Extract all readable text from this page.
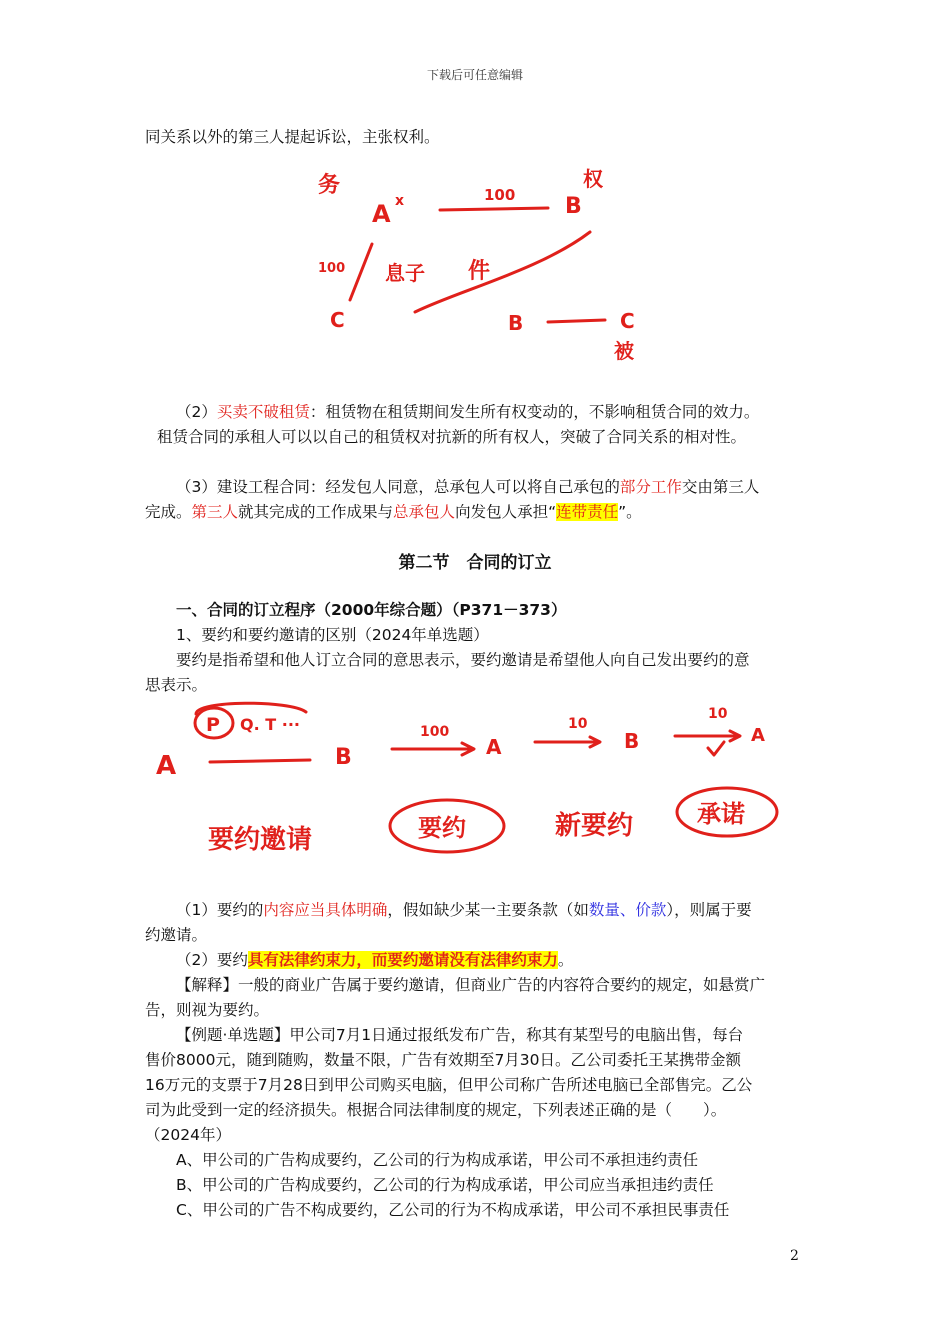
下载后可任意编辑
同关系以外的第三人提起诉讼，主张权利。
务
A x	100 B
权
100 息子 件
C	B	C
被
（2）买卖不破租赁：租赁物在租赁期间发生所有权变动的，不影响租赁合同的效力。
租赁合同的承租人可以以自己的租赁权对抗新的所有权人，突破了合同关系的相对性。
（3）建设工程合同：经发包人同意，总承包人可以将自己承包的部分工作交由第三人
完成。第三人就其完成的工作成果与总承包人向发包人承担“连带责任”。
第二节　合同的订立
一、合同的订立程序（2000年综合题）（P371－373）
1、要约和要约邀请的区别（2024年单选题）
要约是指希望和他人订立合同的意思表示，要约邀请是希望他人向自己发出要约的意
思表示。
P Q. T ···
A	B
100
A
10
B
10
A
要约邀请	要约	新要约	承诺
（1）要约的内容应当具体明确，假如缺少某一主要条款（如数量、价款），则属于要
约邀请。
（2）要约具有法律约束力，而要约邀请没有法律约束力。
【解释】一般的商业广告属于要约邀请，但商业广告的内容符合要约的规定，如悬赏广
告，则视为要约。
【例题·单选题】甲公司7月1日通过报纸发布广告，称其有某型号的电脑出售，每台
售价8000元，随到随购，数量不限，广告有效期至7月30日。乙公司委托王某携带金额
16万元的支票于7月28日到甲公司购买电脑，但甲公司称广告所述电脑已全部售完。乙公
司为此受到一定的经济损失。根据合同法律制度的规定，下列表述正确的是（　　）。
（2024年）
A、甲公司的广告构成要约，乙公司的行为构成承诺，甲公司不承担违约责任
B、甲公司的广告构成要约，乙公司的行为构成承诺，甲公司应当承担违约责任
C、甲公司的广告不构成要约，乙公司的行为不构成承诺，甲公司不承担民事责任
2
